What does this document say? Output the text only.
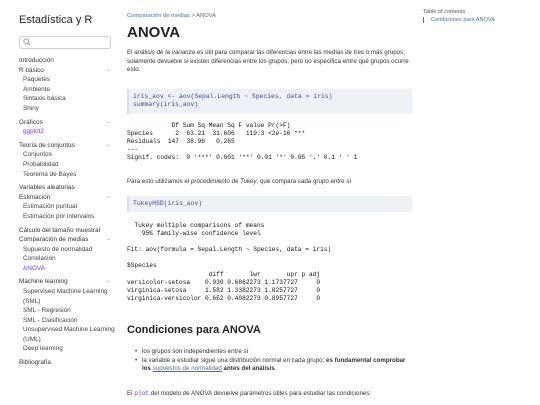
Estadística y R
Introducción
R básico	⌄
Paquetes
Ambiente
Sintaxis básica
Shiny
Gráficos	⌄
ggplot2
Teoría de conjuntos	⌄
Conjuntos
Probabilidad
Teorema de Bayes
Variables aleatorias
Estimación	⌄
Estimación puntual
Estimación por intervalos
Cálculo del tamaño muestral
Comparación de medias	⌄
Supuesto de normalidad
Correlación
ANOVA
Machine learning	⌄
Supervised Machine Learning (SML)
SML - Regresión
SML - Clasificación
Unsupervised Machine Learning (UML)
Deep learning
Bibliografía
Comparación de medias > ANOVA
ANOVA
El análisis de la varianza es útil para comparar las diferencias entre las medias de tres o más grupos; solamente devuelve si existen diferencias entre los grupos, pero no especifica entre qué grupos ocurre esto.
iris_aov <- aov(Sepal.Length ~ Species, data = iris)
summary(iris_aov)
Df Sum Sq Mean Sq F value Pr(>F)
Species      2  63.21  31.606   119.3 <2e-16 ***
Residuals  147  38.96   0.265
---
Signif. codes:  0 '***' 0.001 '**' 0.01 '*' 0.05 '.' 0.1 ' ' 1
Para esto utilizamos el procedimiento de Tukey, que compara cada grupo entre sí
TukeyHSD(iris_aov)
Tukey multiple comparisons of means
95% family-wise confidence level

Fit: aov(formula = Sepal.Length ~ Species, data = iris)

$Species
diff       lwr       upr p adj
versicolor-setosa    0.930 0.6862273 1.1737727     0
virginica-setosa     1.582 1.3382273 1.8257727     0
virginica-versicolor 0.652 0.4082273 0.8957727     0
Condiciones para ANOVA
• los grupos son independientes entre sí
• la variable a estudiar sigue una distribución normal en cada grupo; es fundamental comprobar los supuestos de normalidad antes del análisis
El plot del modelo de ANOVA devuelve parámetros útiles para estudiar las condiciones:
Table of contents
Condiciones para ANOVA
